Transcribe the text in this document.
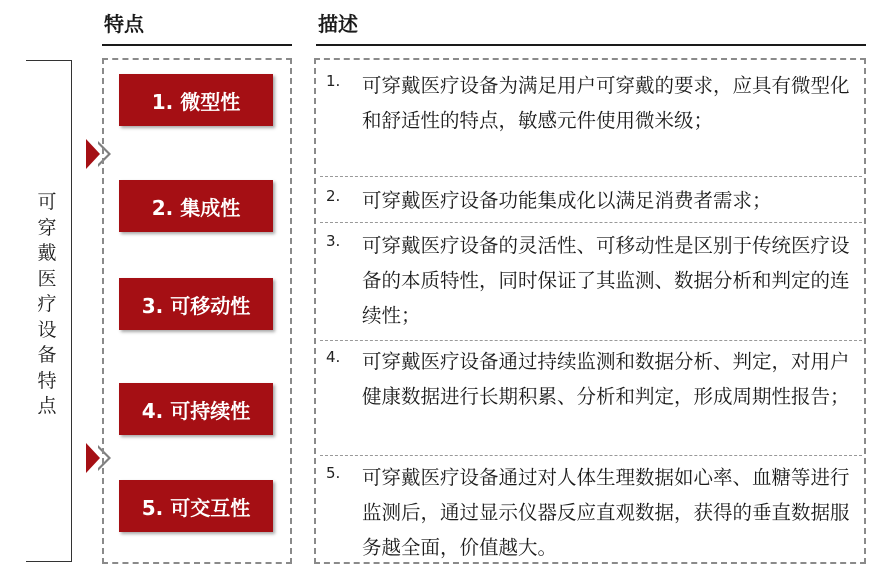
特点	描述
可穿戴医疗设备特点
1. 微型性
2. 集成性
3. 可移动性
4. 可持续性
5. 可交互性
1. 可穿戴医疗设备为满足用户可穿戴的要求，应具有微型化和舒适性的特点，敏感元件使用微米级；
2. 可穿戴医疗设备功能集成化以满足消费者需求；
3. 可穿戴医疗设备的灵活性、可移动性是区别于传统医疗设备的本质特性，同时保证了其监测、数据分析和判定的连续性；
4. 可穿戴医疗设备通过持续监测和数据分析、判定，对用户健康数据进行长期积累、分析和判定，形成周期性报告；
5. 可穿戴医疗设备通过对人体生理数据如心率、血糖等进行监测后，通过显示仪器反应直观数据，获得的垂直数据服务越全面，价值越大。
